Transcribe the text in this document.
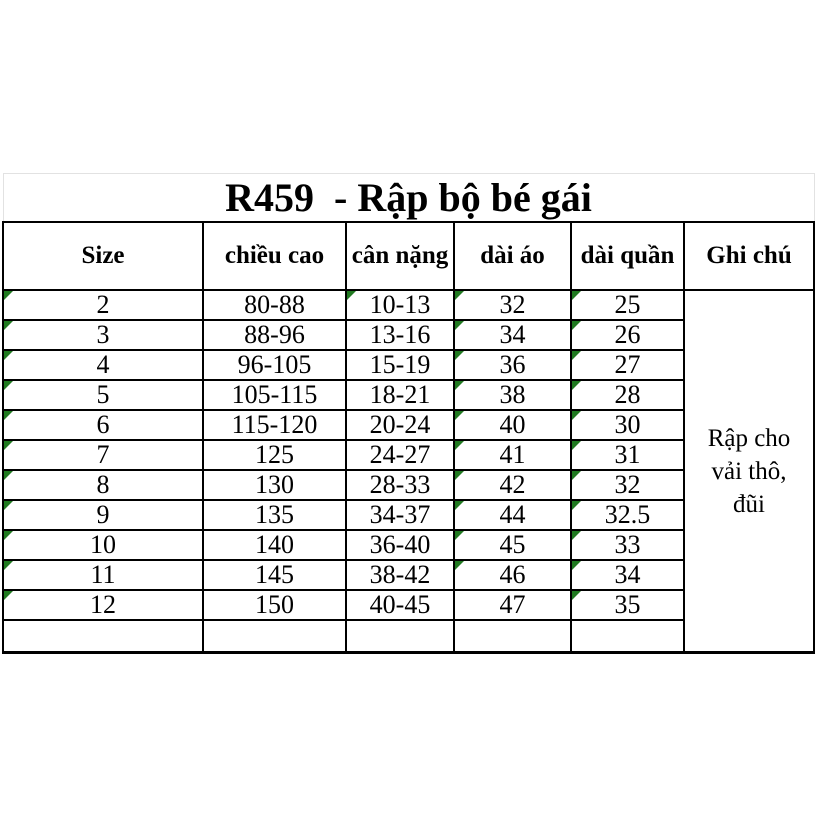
R459  - Rập bộ bé gái					
Size	chiều cao	cân nặng	dài áo	dài quần	Ghi chú

2	80-88	10-13	32	25	Rập cho vải thô, đũi

3	88-96	13-16	34	26	

4	96-105	15-19	36	27	

5	105-115	18-21	38	28	

6	115-120	20-24	40	30	

7	125	24-27	41	31	

8	130	28-33	42	32	

9	135	34-37	44	32.5	

10	140	36-40	45	33	

11	145	38-42	46	34	

12	150	40-45	47	35	
